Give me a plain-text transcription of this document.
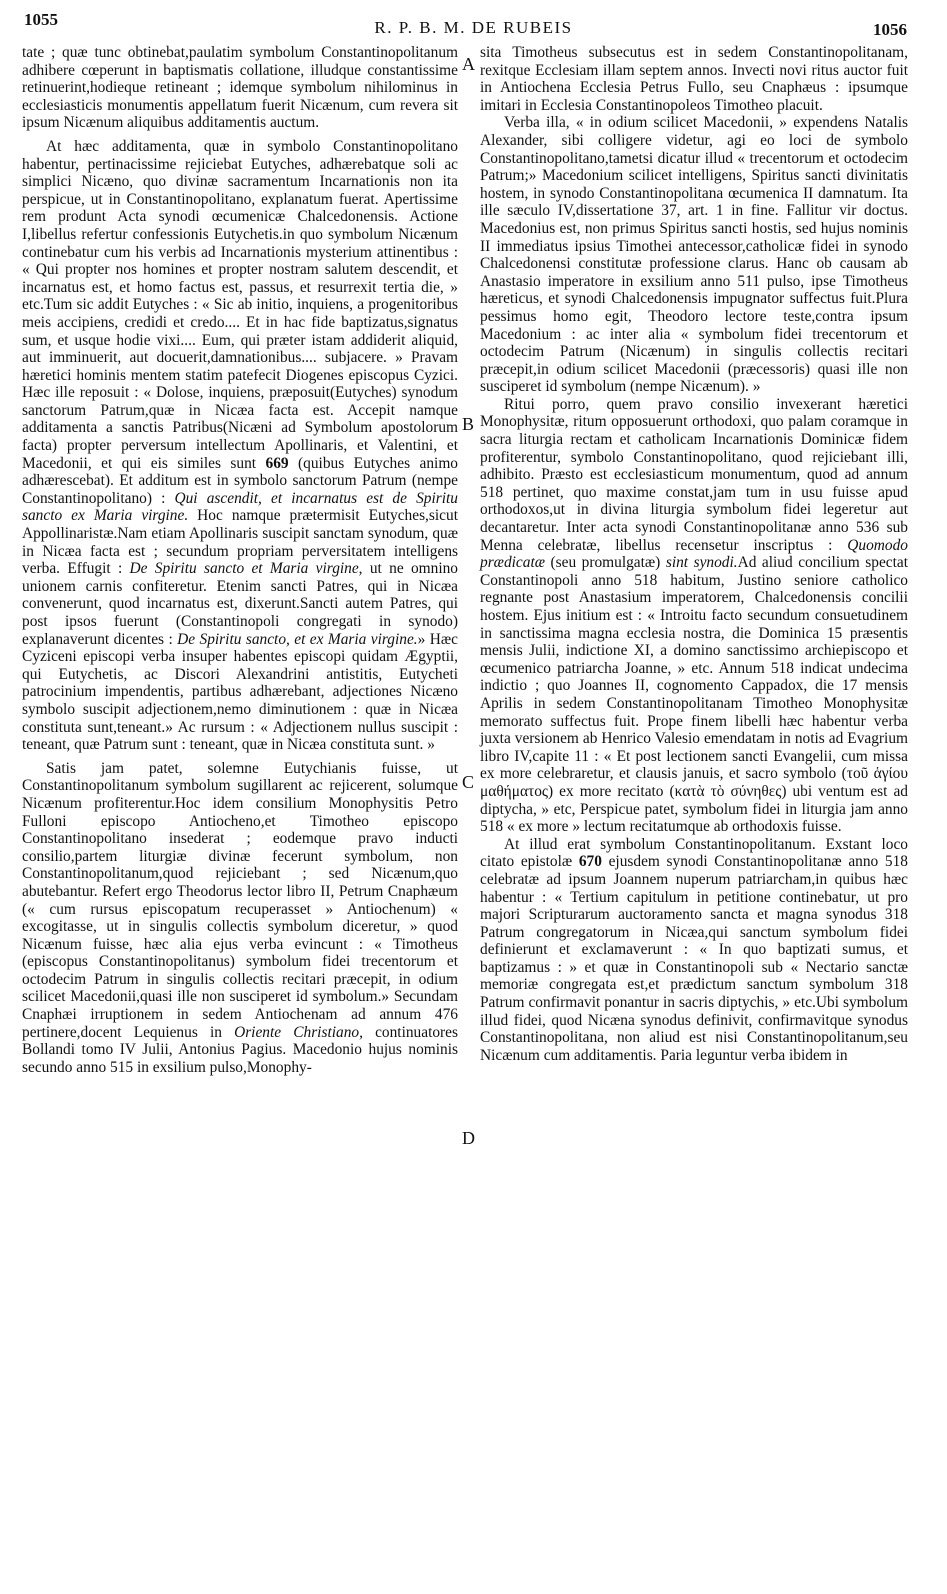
1055	R. P. B. M. DE RUBEIS	1056
A
B
C
D

tate ; quæ tunc obtinebat,paulatim symbolum Constantinopolitanum adhibere cœperunt in baptismatis collatione, illudque constantissime retinuerint,hodieque retineant ; idemque symbolum nihilominus in ecclesiasticis monumentis appellatum fuerit Nicænum, cum revera sit ipsum Nicænum aliquibus additamentis auctum.

At hæc additamenta, quæ in symbolo Constantinopolitano habentur, pertinacissime rejiciebat Eutyches, adhærebatque soli ac simplici Nicæno, quo divinæ sacramentum Incarnationis non ita perspicue, ut in Constantinopolitano, explanatum fuerat. Apertissime rem produnt Acta synodi œcumenicæ Chalcedonensis. Actione I,libellus refertur confessionis Eutychetis.in quo symbolum Nicænum continebatur cum his verbis ad Incarnationis mysterium attinentibus : « Qui propter nos homines et propter nostram salutem descendit, et incarnatus est, et homo factus est, passus, et resurrexit tertia die, » etc.Tum sic addit Eutyches : « Sic ab initio, inquiens, a progenitoribus meis accipiens, credidi et credo.... Et in hac fide baptizatus,signatus sum, et usque hodie vixi.... Eum, qui præter istam addiderit aliquid, aut imminuerit, aut docuerit,damnationibus.... subjacere. » Pravam hæretici hominis mentem statim patefecit Diogenes episcopus Cyzici. Hæc ille reposuit : « Dolose, inquiens, præposuit(Eutyches) synodum sanctorum Patrum,quæ in Nicæa facta est. Accepit namque additamenta a sanctis Patribus(Nicæni ad Symbolum apostolorum facta) propter perversum intellectum Apollinaris, et Valentini, et Macedonii, et qui eis similes sunt 669 (quibus Eutyches animo adhærescebat). Et additum est in symbolo sanctorum Patrum (nempe Constantinopolitano) : Qui ascendit, et incarnatus est de Spiritu sancto ex Maria virgine. Hoc namque prætermisit Eutyches,sicut Appollinaristæ.Nam etiam Apollinaris suscipit sanctam synodum, quæ in Nicæa facta est ; secundum propriam perversitatem intelligens verba. Effugit : De Spiritu sancto et Maria virgine, ut ne omnino unionem carnis confiteretur. Etenim sancti Patres, qui in Nicæa convenerunt, quod incarnatus est, dixerunt.Sancti autem Patres, qui post ipsos fuerunt (Constantinopoli congregati in synodo) explanaverunt dicentes : De Spiritu sancto, et ex Maria virgine.» Hæc Cyziceni episcopi verba insuper habentes episcopi quidam Ægyptii, qui Eutychetis, ac Discori Alexandrini antistitis, Eutycheti patrocinium impendentis, partibus adhærebant, adjectiones Nicæno symbolo suscipit adjectionem,nemo diminutionem : quæ in Nicæa constituta sunt,teneant.» Ac rursum : « Adjectionem nullus suscipit : teneant, quæ Patrum sunt : teneant, quæ in Nicæa constituta sunt. »

Satis jam patet, solemne Eutychianis fuisse, ut Constantinopolitanum symbolum sugillarent ac rejicerent, solumque Nicænum profiterentur.Hoc idem consilium Monophysitis Petro Fulloni episcopo Antiocheno,et Timotheo episcopo Constantinopolitano insederat ; eodemque pravo inducti consilio,partem liturgiæ divinæ fecerunt symbolum, non Constantinopolitanum,quod rejiciebant ; sed Nicænum,quo abutebantur. Refert ergo Theodorus lector libro II, Petrum Cnaphæum (« cum rursus episcopatum recuperasset » Antiochenum) « excogitasse, ut in singulis collectis symbolum diceretur, » quod Nicænum fuisse, hæc alia ejus verba evincunt : « Timotheus (episcopus Constantinopolitanus) symbolum fidei trecentorum et octodecim Patrum in singulis collectis recitari præcepit, in odium scilicet Macedonii,quasi ille non susciperet id symbolum.» Secundam Cnaphæi irruptionem in sedem Antiochenam ad annum 476 pertinere,docent Lequienus in Oriente Christiano, continuatores Bollandi tomo IV Julii, Antonius Pagius. Macedonio hujus nominis secundo anno 515 in exsilium pulso,Monophy-

sita Timotheus subsecutus est in sedem Constantinopolitanam, rexitque Ecclesiam illam septem annos. Invecti novi ritus auctor fuit in Antiochena Ecclesia Petrus Fullo, seu Cnaphæus : ipsumque imitari in Ecclesia Constantinopoleos Timotheo placuit.

Verba illa, « in odium scilicet Macedonii, » expendens Natalis Alexander, sibi colligere videtur, agi eo loci de symbolo Constantinopolitano,tametsi dicatur illud « trecentorum et octodecim Patrum;» Macedonium scilicet intelligens, Spiritus sancti divinitatis hostem, in synodo Constantinopolitana œcumenica II damnatum. Ita ille sæculo IV,dissertatione 37, art. 1 in fine. Fallitur vir doctus. Macedonius est, non primus Spiritus sancti hostis, sed hujus nominis II immediatus ipsius Timothei antecessor,catholicæ fidei in synodo Chalcedonensi constitutæ professione clarus. Hanc ob causam ab Anastasio imperatore in exsilium anno 511 pulso, ipse Timotheus hæreticus, et synodi Chalcedonensis impugnator suffectus fuit.Plura pessimus homo egit, Theodoro lectore teste,contra ipsum Macedonium : ac inter alia « symbolum fidei trecentorum et octodecim Patrum (Nicænum) in singulis collectis recitari præcepit,in odium scilicet Macedonii (præcessoris) quasi ille non susciperet id symbolum (nempe Nicænum). »

Ritui porro, quem pravo consilio invexerant hæretici Monophysitæ, ritum opposuerunt orthodoxi, quo palam coramque in sacra liturgia rectam et catholicam Incarnationis Dominicæ fidem profiterentur, symbolo Constantinopolitano, quod rejiciebant illi, adhibito. Præsto est ecclesiasticum monumentum, quod ad annum 518 pertinet, quo maxime constat,jam tum in usu fuisse apud orthodoxos,ut in divina liturgia symbolum fidei legeretur aut decantaretur. Inter acta synodi Constantinopolitanæ anno 536 sub Menna celebratæ, libellus recensetur inscriptus : Quomodo prædicatæ (seu promulgatæ) sint synodi.Ad aliud concilium spectat Constantinopoli anno 518 habitum, Justino seniore catholico regnante post Anastasium imperatorem, Chalcedonensis concilii hostem. Ejus initium est : « Introitu facto secundum consuetudinem in sanctissima magna ecclesia nostra, die Dominica 15 præsentis mensis Julii, indictione XI, a domino sanctissimo archiepiscopo et œcumenico patriarcha Joanne, » etc. Annum 518 indicat undecima indictio ; quo Joannes II, cognomento Cappadox, die 17 mensis Aprilis in sedem Constantinopolitanam Timotheo Monophysitæ memorato suffectus fuit. Prope finem libelli hæc habentur verba juxta versionem ab Henrico Valesio emendatam in notis ad Evagrium libro IV,capite 11 : « Et post lectionem sancti Evangelii, cum missa ex more celebraretur, et clausis januis, et sacro symbolo (τοῦ ἁγίου μαθήματος) ex more recitato (κατὰ τὸ σύνηθες) ubi ventum est ad diptycha, » etc, Perspicue patet, symbolum fidei in liturgia jam anno 518 « ex more » lectum recitatumque ab orthodoxis fuisse.

At illud erat symbolum Constantinopolitanum. Exstant loco citato epistolæ 670 ejusdem synodi Constantinopolitanæ anno 518 celebratæ ad ipsum Joannem nuperum patriarcham,in quibus hæc habentur : « Tertium capitulum in petitione continebatur, ut pro majori Scripturarum auctoramento sancta et magna synodus 318 Patrum congregatorum in Nicæa,qui sanctum symbolum fidei definierunt et exclamaverunt : « In quo baptizati sumus, et baptizamus : » et quæ in Constantinopoli sub « Nectario sanctæ memoriæ congregata est,et prædictum sanctum symbolum 318 Patrum confirmavit ponantur in sacris diptychis, » etc.Ubi symbolum illud fidei, quod Nicæna synodus definivit, confirmavitque synodus Constantinopolitana, non aliud est nisi Constantinopolitanum,seu Nicænum cum additamentis. Paria leguntur verba ibidem in
